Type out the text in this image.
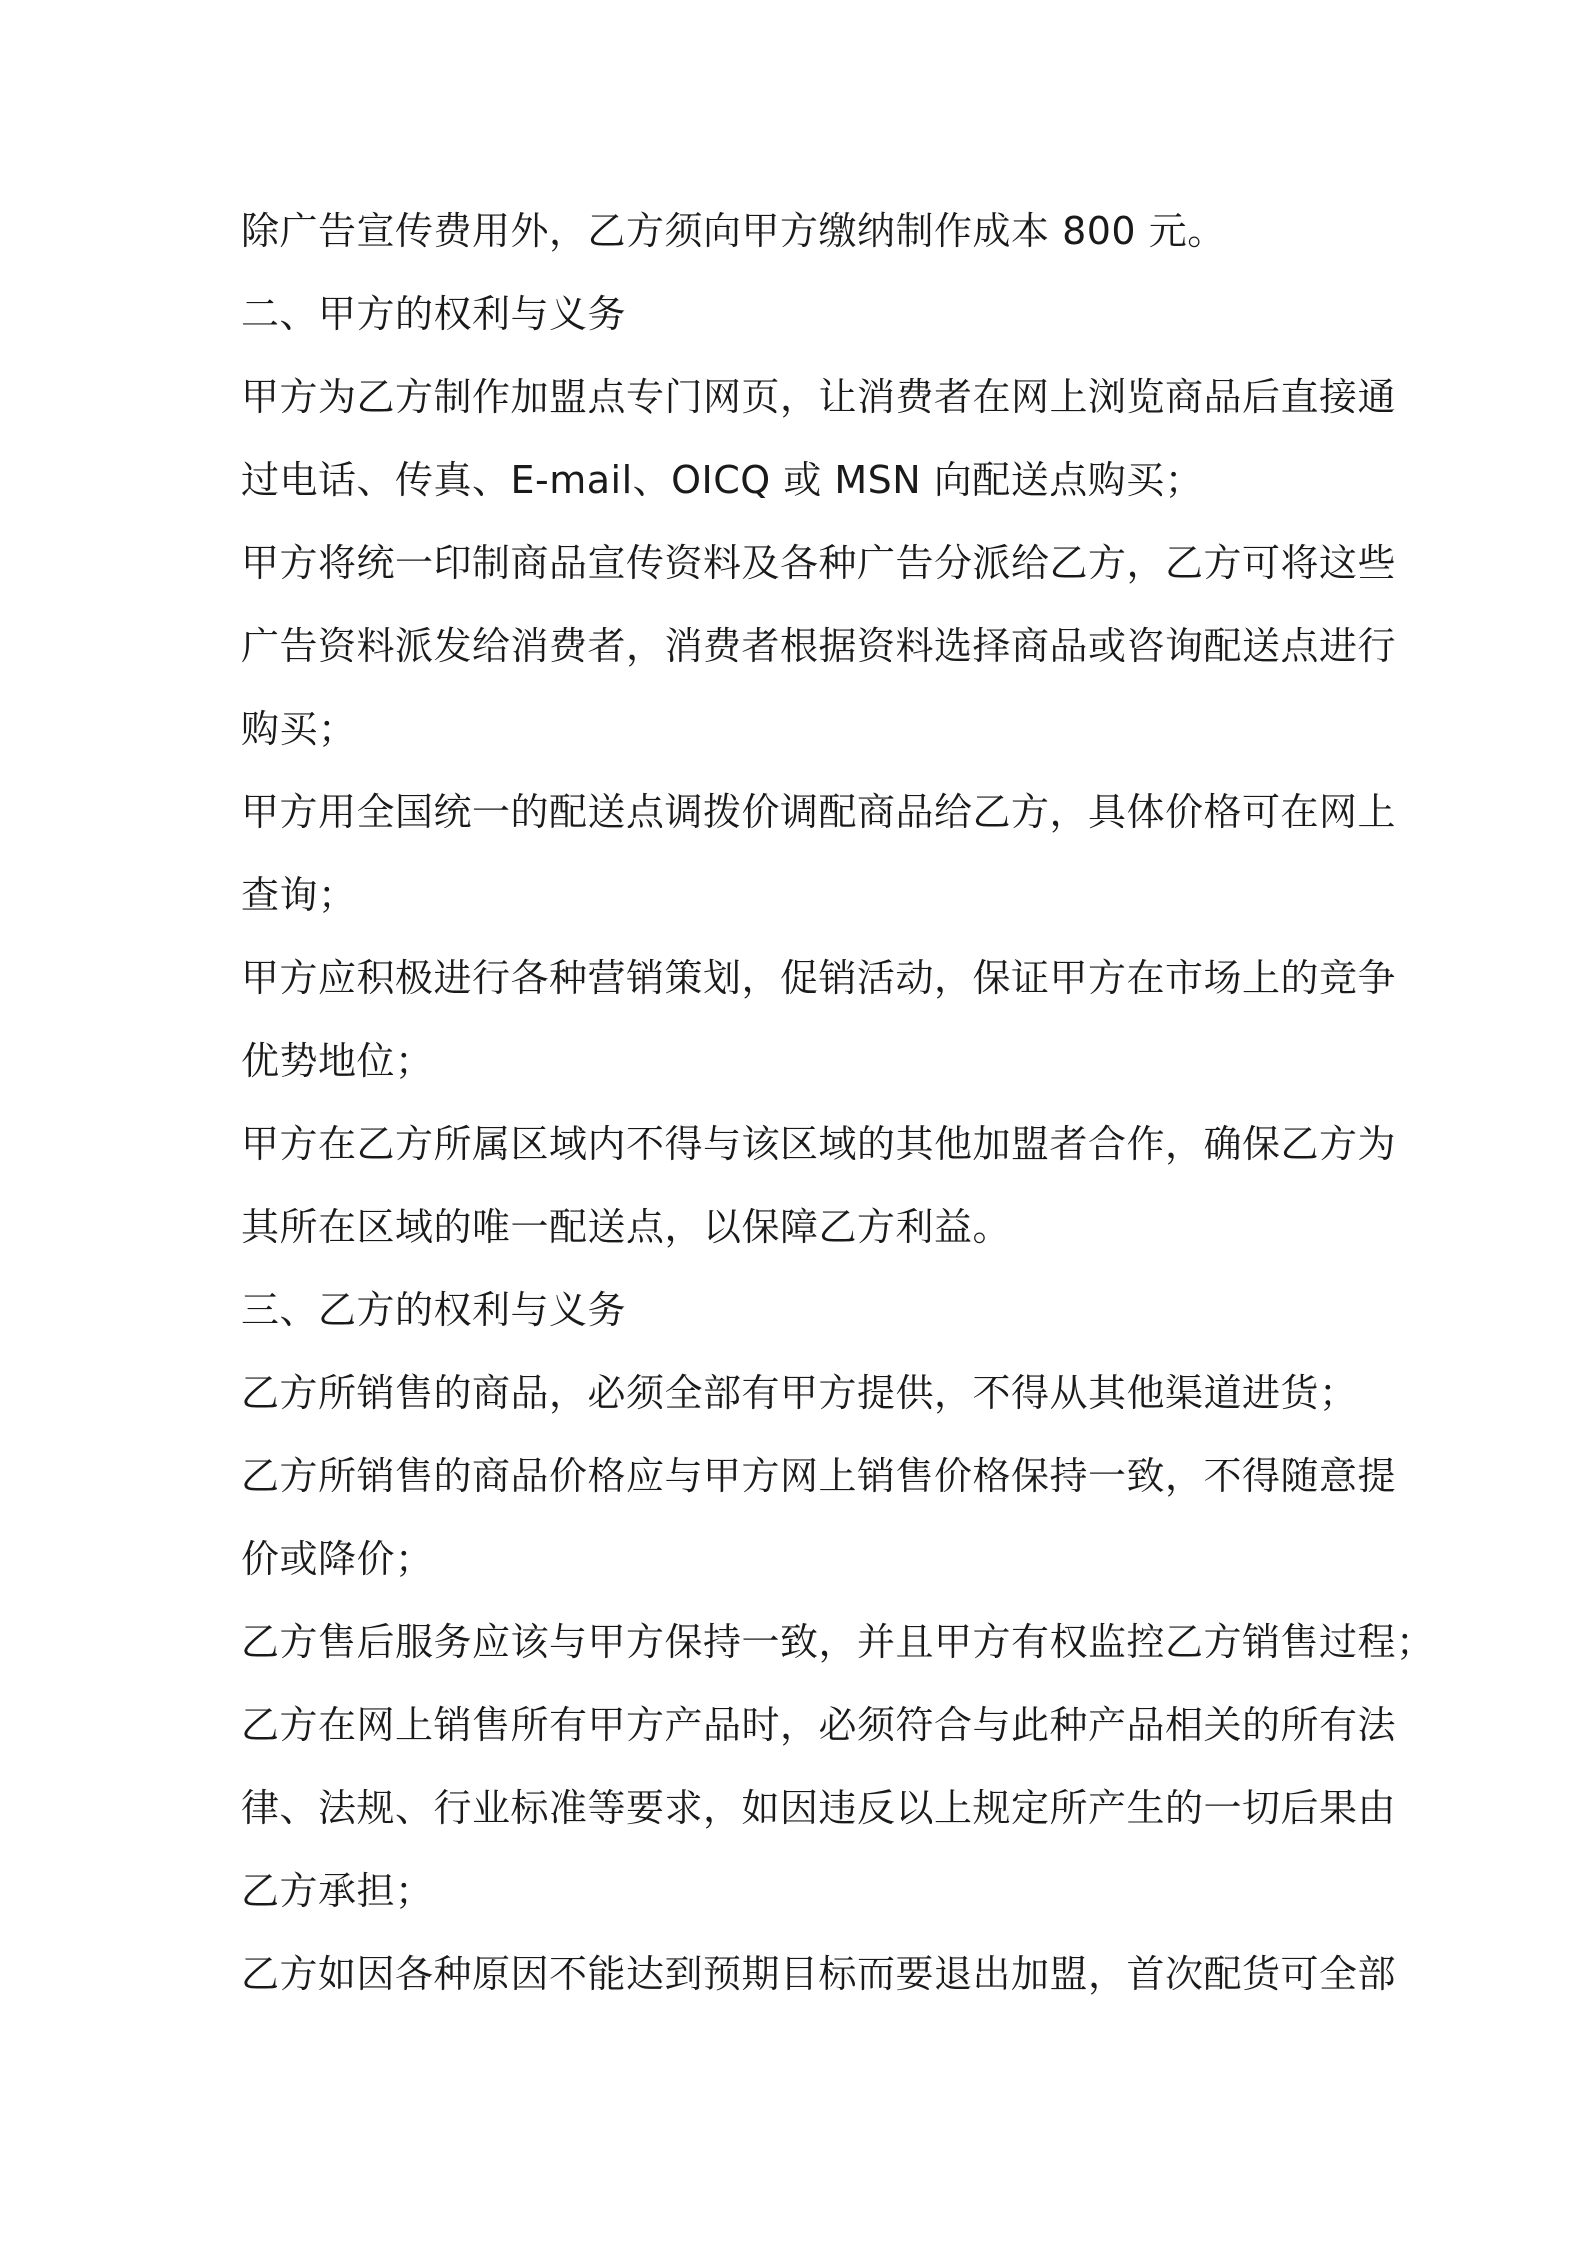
除广告宣传费用外，乙方须向甲方缴纳制作成本 800 元。
二、甲方的权利与义务
甲方为乙方制作加盟点专门网页，让消费者在网上浏览商品后直接通
过电话、传真、E-mail、OICQ 或 MSN 向配送点购买；
甲方将统一印制商品宣传资料及各种广告分派给乙方，乙方可将这些
广告资料派发给消费者，消费者根据资料选择商品或咨询配送点进行
购买；
甲方用全国统一的配送点调拨价调配商品给乙方，具体价格可在网上
查询；
甲方应积极进行各种营销策划，促销活动，保证甲方在市场上的竞争
优势地位；
甲方在乙方所属区域内不得与该区域的其他加盟者合作，确保乙方为
其所在区域的唯一配送点，以保障乙方利益。
三、乙方的权利与义务
乙方所销售的商品，必须全部有甲方提供，不得从其他渠道进货；
乙方所销售的商品价格应与甲方网上销售价格保持一致，不得随意提
价或降价；
乙方售后服务应该与甲方保持一致，并且甲方有权监控乙方销售过程；
乙方在网上销售所有甲方产品时，必须符合与此种产品相关的所有法
律、法规、行业标准等要求，如因违反以上规定所产生的一切后果由
乙方承担；
乙方如因各种原因不能达到预期目标而要退出加盟，首次配货可全部
